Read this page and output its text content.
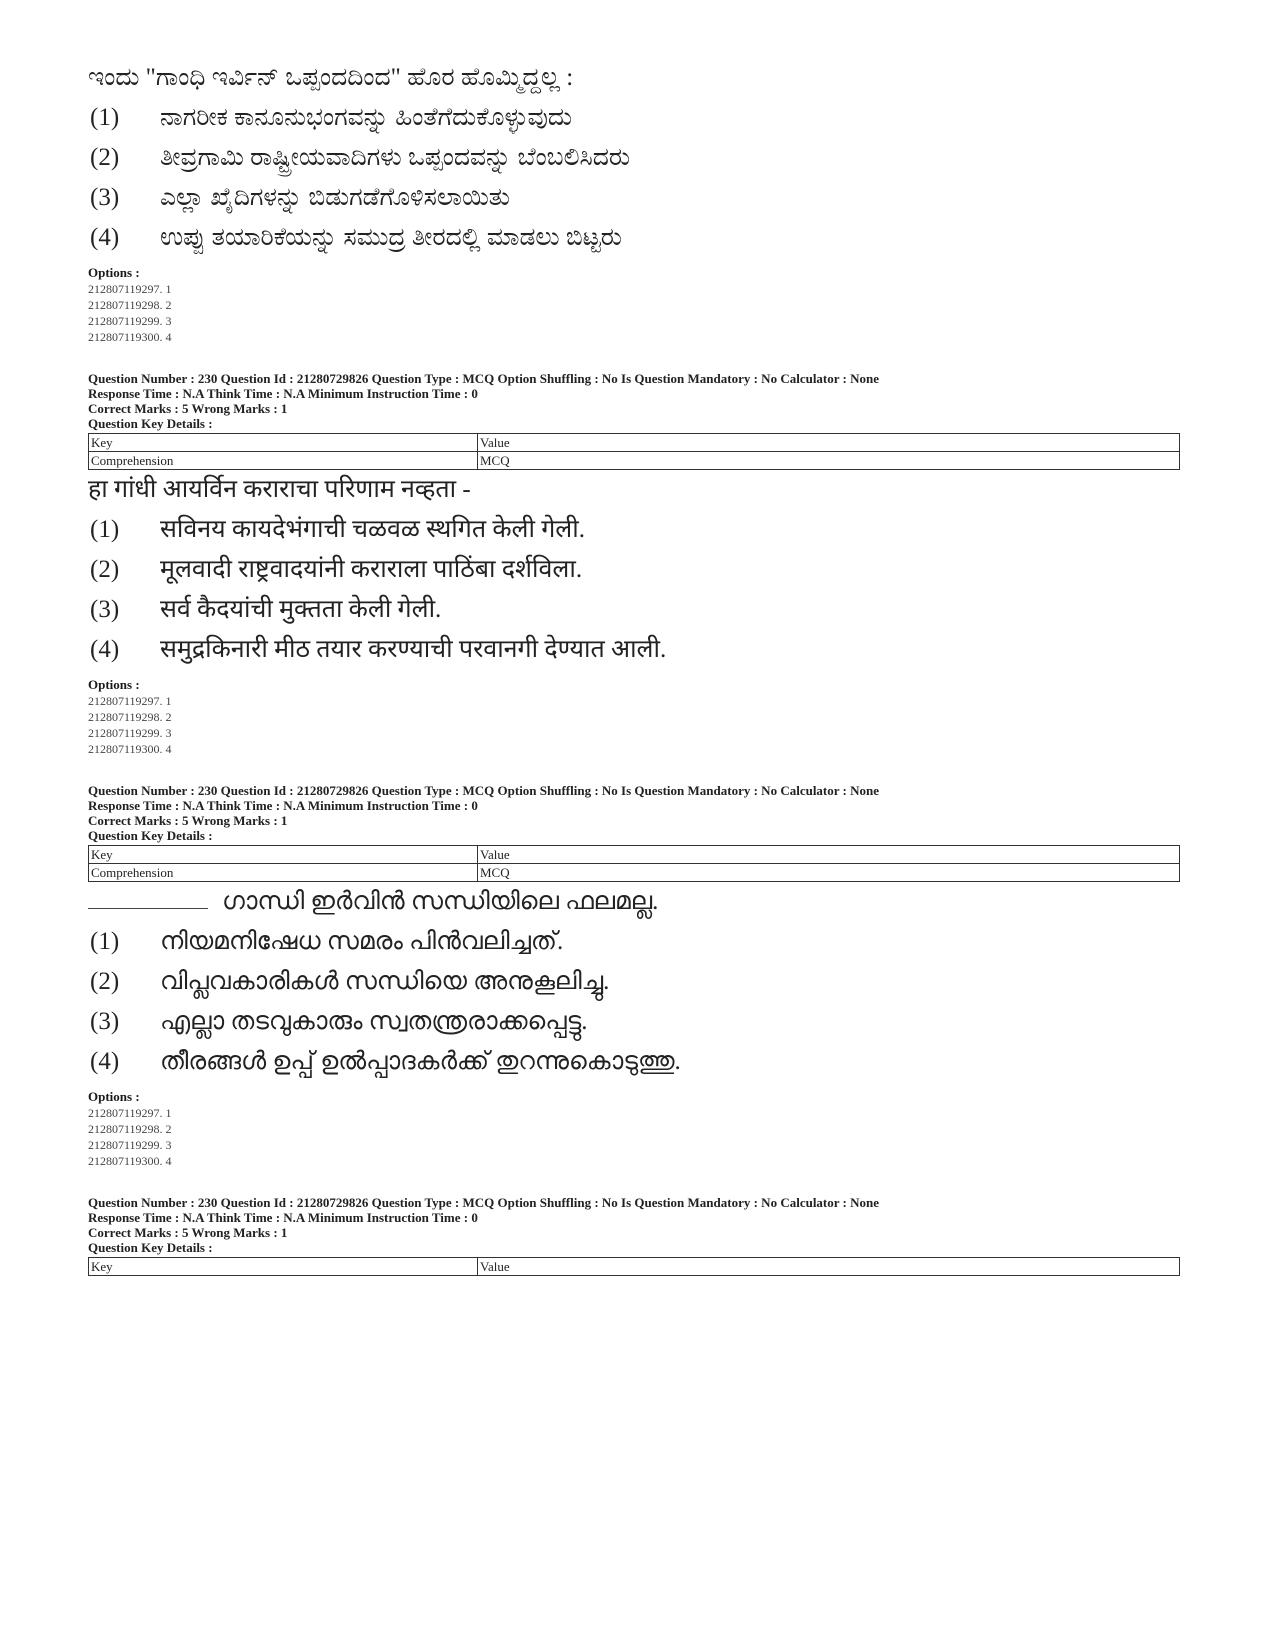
ಇಂದು "ಗಾಂಧಿ ಇರ್ವಿನ್ ಒಪ್ಪಂದದಿಂದ" ಹೊರ ಹೊಮ್ಮಿದ್ದಲ್ಲ :
(1)	ನಾಗರೀಕ ಕಾನೂನುಭಂಗವನ್ನು ಹಿಂತೆಗೆದುಕೊಳ್ಳುವುದು
(2)	ತೀವ್ರಗಾಮಿ ರಾಷ್ಟ್ರೀಯವಾದಿಗಳು ಒಪ್ಪಂದವನ್ನು ಬೆಂಬಲಿಸಿದರು
(3)	ಎಲ್ಲಾ ಖೈದಿಗಳನ್ನು ಬಿಡುಗಡೆಗೊಳಿಸಲಾಯಿತು
(4)	ಉಪ್ಪು ತಯಾರಿಕೆಯನ್ನು ಸಮುದ್ರ ತೀರದಲ್ಲಿ ಮಾಡಲು ಬಿಟ್ಟರು
Options :
212807119297. 1
212807119298. 2
212807119299. 3
212807119300. 4
Question Number : 230 Question Id : 21280729826 Question Type : MCQ Option Shuffling : No Is Question Mandatory : No Calculator : None
Response Time : N.A Think Time : N.A Minimum Instruction Time : 0
Correct Marks : 5 Wrong Marks : 1
Question Key Details :
Key	Value
Comprehension	MCQ
हा गांधी आयर्विन कराराचा परिणाम नव्हता -
(1)	सविनय कायदेभंगाची चळवळ स्थगित केली गेली.
(2)	मूलवादी राष्ट्रवादयांनी कराराला पाठिंबा दर्शविला.
(3)	सर्व कैदयांची मुक्तता केली गेली.
(4)	समुद्रकिनारी मीठ तयार करण्याची परवानगी देण्यात आली.
Options :
212807119297. 1
212807119298. 2
212807119299. 3
212807119300. 4
Question Number : 230 Question Id : 21280729826 Question Type : MCQ Option Shuffling : No Is Question Mandatory : No Calculator : None
Response Time : N.A Think Time : N.A Minimum Instruction Time : 0
Correct Marks : 5 Wrong Marks : 1
Question Key Details :
Key	Value
Comprehension	MCQ
ഗാന്ധി ഇർവിൻ സന്ധിയിലെ ഫലമല്ല.
(1)	നിയമനിഷേധ സമരം പിൻവലിച്ചത്.
(2)	വിപ്ലവകാരികൾ സന്ധിയെ അനുകൂലിച്ചു.
(3)	എല്ലാ തടവുകാരും സ്വതന്ത്രരാക്കപ്പെട്ടു.
(4)	തീരങ്ങൾ ഉപ്പ് ഉൽപ്പാദകർക്ക് തുറന്നുകൊടുത്തു.
Options :
212807119297. 1
212807119298. 2
212807119299. 3
212807119300. 4
Question Number : 230 Question Id : 21280729826 Question Type : MCQ Option Shuffling : No Is Question Mandatory : No Calculator : None
Response Time : N.A Think Time : N.A Minimum Instruction Time : 0
Correct Marks : 5 Wrong Marks : 1
Question Key Details :
Key	Value
